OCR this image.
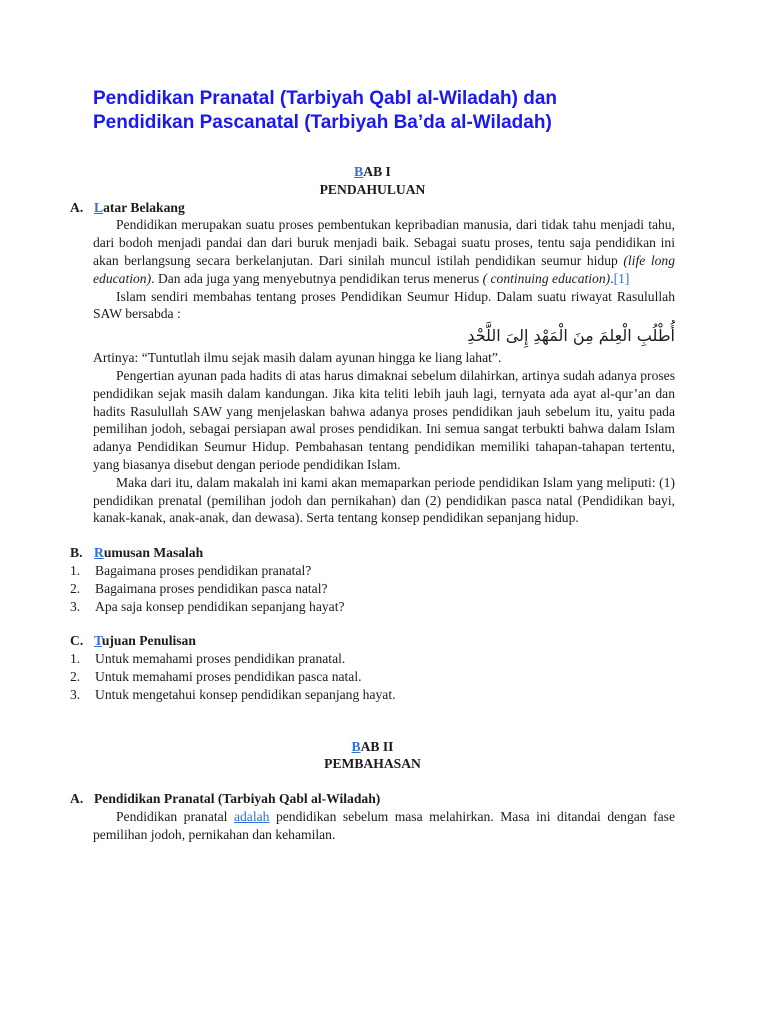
Pendidikan Pranatal (Tarbiyah Qabl al-Wiladah) dan
Pendidikan Pascanatal (Tarbiyah Ba’da al-Wiladah)
BAB I
PENDAHULUAN
A. Latar Belakang
Pendidikan merupakan suatu proses pembentukan kepribadian manusia, dari tidak tahu menjadi tahu, dari bodoh menjadi pandai dan dari buruk menjadi baik. Sebagai suatu proses, tentu saja pendidikan ini akan berlangsung secara berkelanjutan. Dari sinilah muncul istilah pendidikan seumur hidup (life long education). Dan ada juga yang menyebutnya pendidikan terus menerus ( continuing education).[1]
Islam sendiri membahas tentang proses Pendidikan Seumur Hidup. Dalam suatu riwayat Rasulullah SAW bersabda :
أُطْلُبِ الْعِلمَ مِنَ الْمَهْدِ إِلىَ اللَّحْدِ
Artinya: “Tuntutlah ilmu sejak masih dalam ayunan hingga ke liang lahat”.
Pengertian ayunan pada hadits di atas harus dimaknai sebelum dilahirkan, artinya sudah adanya proses pendidikan sejak masih dalam kandungan. Jika kita teliti lebih jauh lagi, ternyata ada ayat al-qur’an dan hadits Rasulullah SAW yang menjelaskan bahwa adanya proses pendidikan jauh sebelum itu, yaitu pada pemilihan jodoh, sebagai persiapan awal proses pendidikan. Ini semua sangat terbukti bahwa dalam Islam adanya Pendidikan Seumur Hidup. Pembahasan tentang pendidikan memiliki tahapan-tahapan tertentu, yang biasanya disebut dengan periode pendidikan Islam.
Maka dari itu, dalam makalah ini kami akan memaparkan periode pendidikan Islam yang meliputi: (1) pendidikan prenatal (pemilihan jodoh dan pernikahan) dan (2) pendidikan pasca natal (Pendidikan bayi, kanak-kanak, anak-anak, dan dewasa). Serta tentang konsep pendidikan sepanjang hidup.
B. Rumusan Masalah
1. Bagaimana proses pendidikan pranatal?
2. Bagaimana proses pendidikan pasca natal?
3. Apa saja konsep pendidikan sepanjang hayat?
C. Tujuan Penulisan
1. Untuk memahami proses pendidikan pranatal.
2. Untuk memahami proses pendidikan pasca natal.
3. Untuk mengetahui konsep pendidikan sepanjang hayat.
BAB II
PEMBAHASAN
A. Pendidikan Pranatal (Tarbiyah Qabl al-Wiladah)
Pendidikan pranatal adalah pendidikan sebelum masa melahirkan. Masa ini ditandai dengan fase pemilihan jodoh, pernikahan dan kehamilan.
